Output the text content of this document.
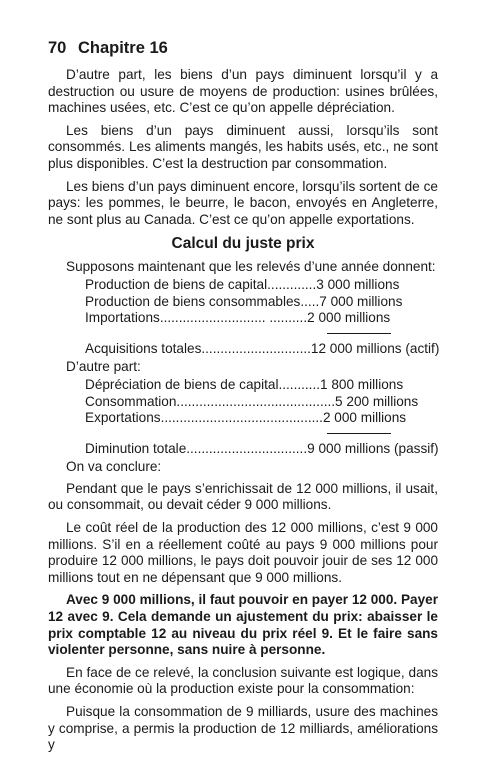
70 Chapitre 16

D’autre part, les biens d’un pays diminuent lorsqu’il y a destruction ou usure de moyens de production: usines brûlées, machines usées, etc. C’est ce qu’on appelle dépréciation.

Les biens d’un pays diminuent aussi, lorsqu’ils sont consommés. Les aliments mangés, les habits usés, etc., ne sont plus disponibles. C’est la destruction par consommation.

Les biens d’un pays diminuent encore, lorsqu’ils sortent de ce pays: les pommes, le beurre, le bacon, envoyés en Angleterre, ne sont plus au Canada. C’est ce qu’on appelle exportations.

Calcul du juste prix
Supposons maintenant que les relevés d’une année donnent:
Production de biens de capital ............. 3 000 millions
Production de biens consommables ..... 7 000 millions
Importations ............................ .......... 2 000 millions
Acquisitions totales ............................. 12 000 millions (actif)
D’autre part:
Dépréciation de biens de capital ........... 1 800 millions
Consommation .......................................... 5 200 millions
Exportations ........................................... 2 000 millions
Diminution totale ................................ 9 000 millions (passif)
On va conclure:

Pendant que le pays s’enrichissait de 12 000 millions, il usait, ou consommait, ou devait céder 9 000 millions.

Le coût réel de la production des 12 000 millions, c’est 9 000 millions. S’il en a réellement coûté au pays 9 000 millions pour produire 12 000 millions, le pays doit pouvoir jouir de ses 12 000 millions tout en ne dépensant que 9 000 millions.

Avec 9 000 millions, il faut pouvoir en payer 12 000. Payer 12 avec 9. Cela demande un ajustement du prix: abaisser le prix comptable 12 au niveau du prix réel 9. Et le faire sans violenter personne, sans nuire à personne.

En face de ce relevé, la conclusion suivante est logique, dans une économie où la production existe pour la consommation:

Puisque la consommation de 9 milliards, usure des machines y comprise, a permis la production de 12 milliards, améliorations y
